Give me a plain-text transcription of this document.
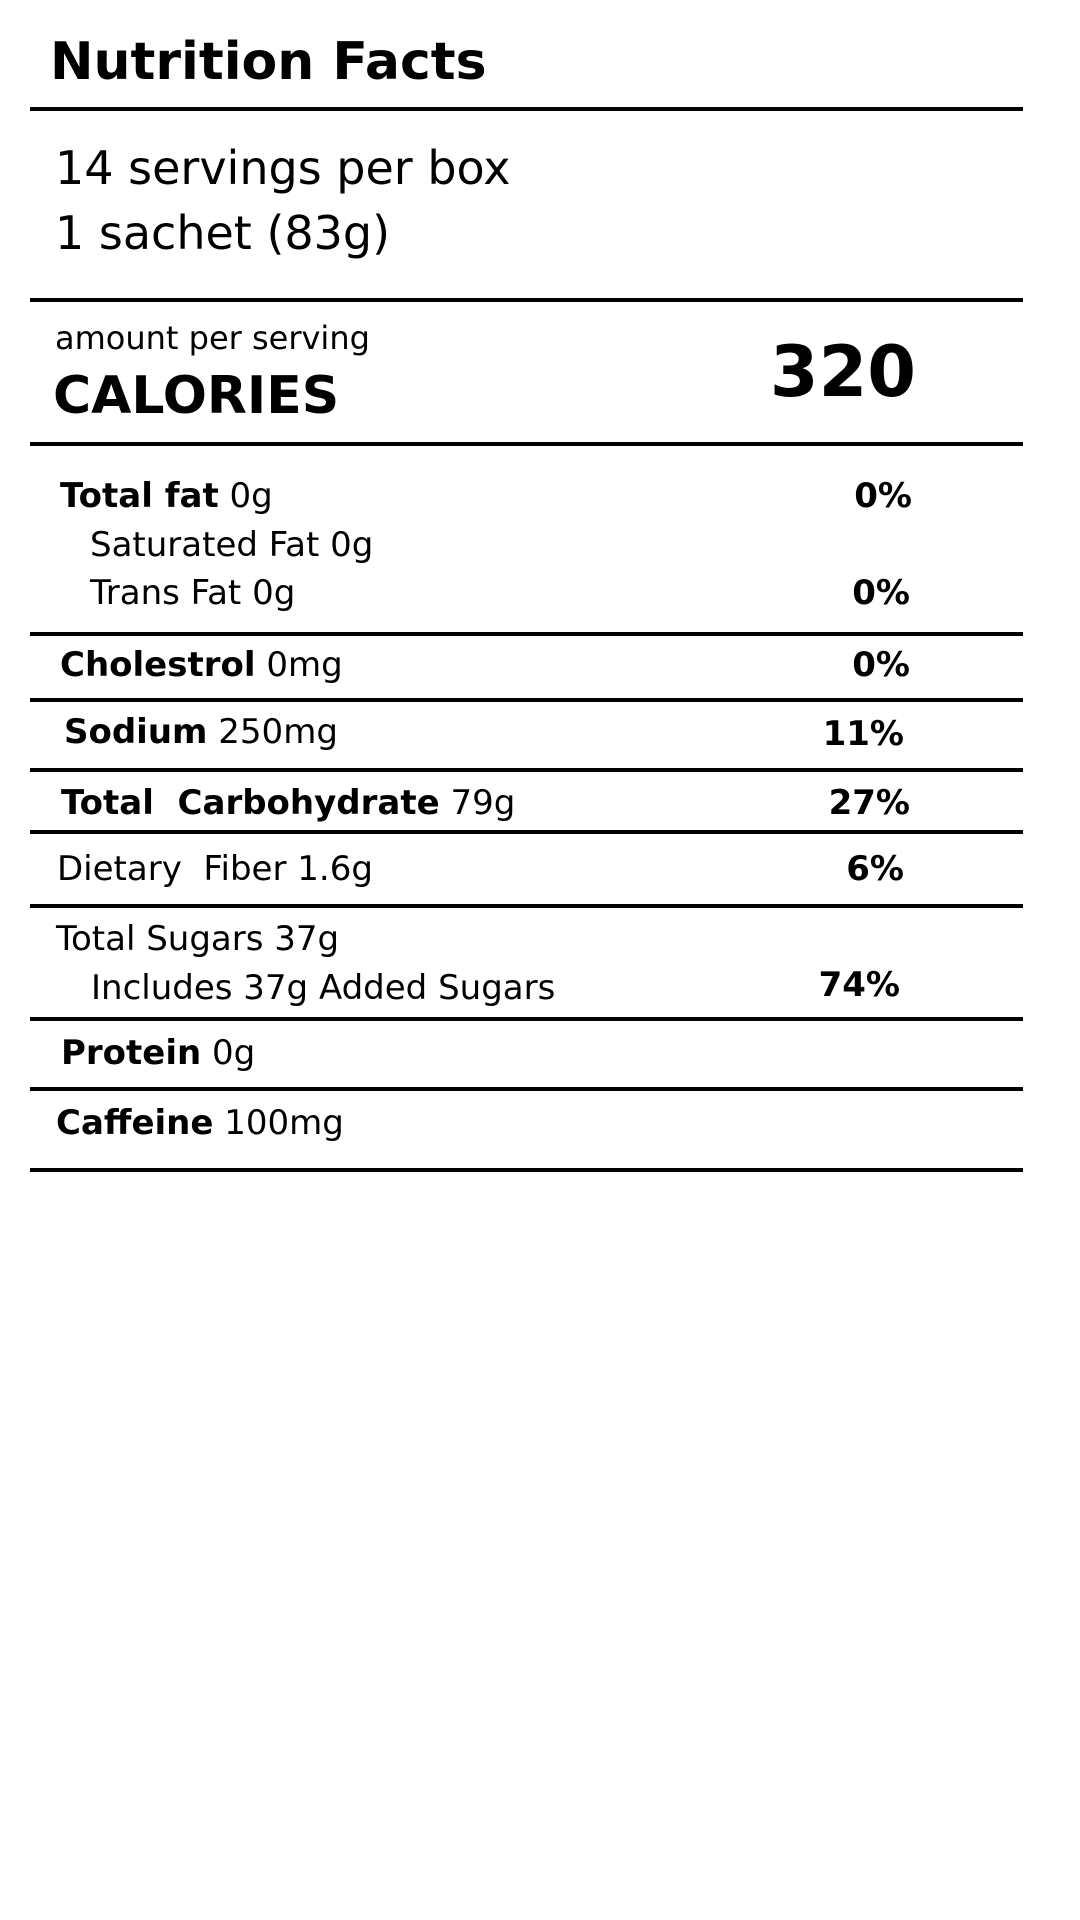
Nutrition Facts
14 servings per box
1 sachet (83g)
amount per serving
CALORIES	320
Total fat 0g	0%
Saturated Fat 0g
Trans Fat 0g	0%
Cholestrol 0mg	0%
Sodium 250mg	11%
Total  Carbohydrate 79g	27%
Dietary  Fiber 1.6g	6%
Total Sugars 37g
Includes 37g Added Sugars	74%
Protein 0g
Caffeine 100mg
